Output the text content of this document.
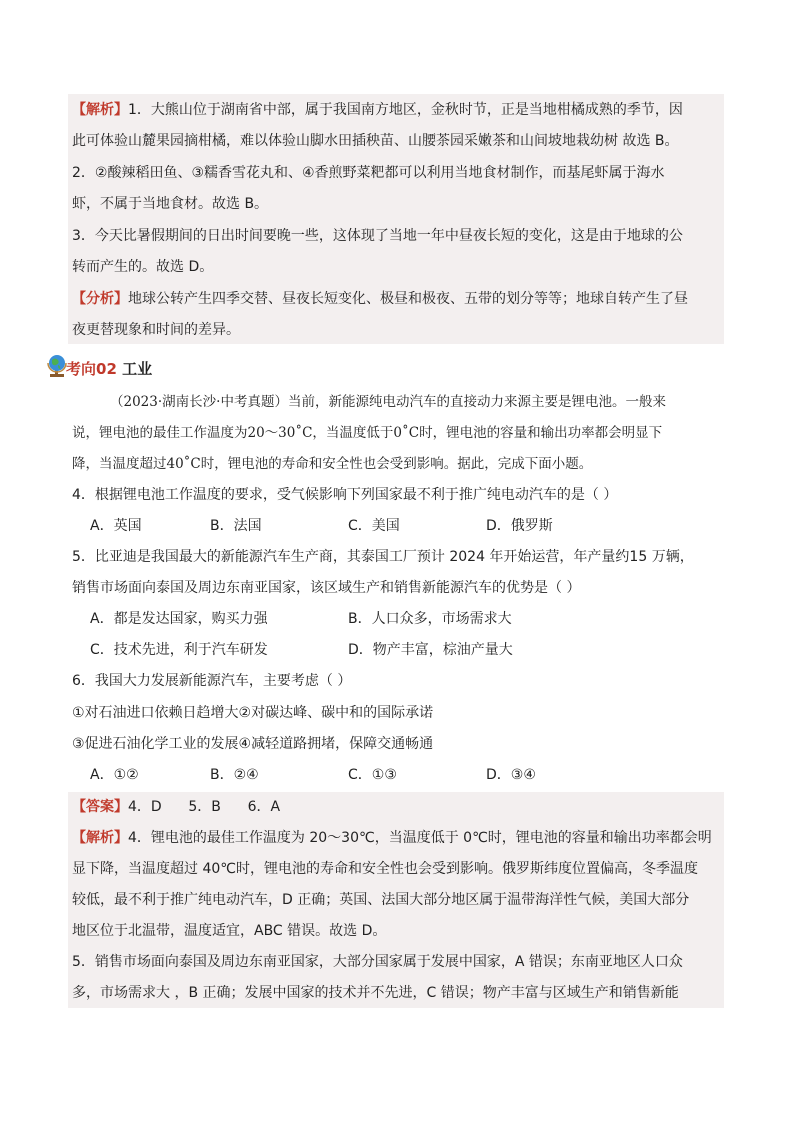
【解析】1．大熊山位于湖南省中部，属于我国南方地区，金秋时节，正是当地柑橘成熟的季节，因
此可体验山麓果园摘柑橘，难以体验山脚水田插秧苗、山腰茶园采嫩茶和山间坡地栽幼树 故选 B。
2．②酸辣稻田鱼、③糯香雪花丸和、④香煎野菜粑都可以利用当地食材制作，而基尾虾属于海水
虾，不属于当地食材。故选 B。
3．今天比暑假期间的日出时间要晚一些，这体现了当地一年中昼夜长短的变化，这是由于地球的公
转而产生的。故选 D。
【分析】地球公转产生四季交替、昼夜长短变化、极昼和极夜、五带的划分等等；地球自转产生了昼
夜更替现象和时间的差异。
考向02 工业
（2023·湖南长沙·中考真题）当前，新能源纯电动汽车的直接动力来源主要是锂电池。一般来
说，锂电池的最佳工作温度为20～30˚C，当温度低于0˚C时，锂电池的容量和输出功率都会明显下
降，当温度超过40˚C时，锂电池的寿命和安全性也会受到影响。据此，完成下面小题。
4．根据锂电池工作温度的要求，受气候影响下列国家最不利于推广纯电动汽车的是（ ）
A．英国	B．法国	C．美国	D．俄罗斯
5．比亚迪是我国最大的新能源汽车生产商，其泰国工厂预计 2024 年开始运营，年产量约15 万辆，
销售市场面向泰国及周边东南亚国家，该区域生产和销售新能源汽车的优势是（ ）
A．都是发达国家，购买力强	B．人口众多，市场需求大
C．技术先进，利于汽车研发	D．物产丰富，棕油产量大
6．我国大力发展新能源汽车，主要考虑（ ）
①对石油进口依赖日趋增大②对碳达峰、碳中和的国际承诺
③促进石油化学工业的发展④减轻道路拥堵，保障交通畅通
A．①②	B．②④	C．①③	D．③④
【答案】4．D      5．B      6．A
【解析】4．锂电池的最佳工作温度为 20～30℃，当温度低于 0℃时，锂电池的容量和输出功率都会明
显下降，当温度超过 40℃时，锂电池的寿命和安全性也会受到影响。俄罗斯纬度位置偏高，冬季温度
较低，最不利于推广纯电动汽车，D 正确；英国、法国大部分地区属于温带海洋性气候，美国大部分
地区位于北温带，温度适宜，ABC 错误。故选 D。
5．销售市场面向泰国及周边东南亚国家，大部分国家属于发展中国家，A 错误；东南亚地区人口众
多，市场需求大 ，B 正确；发展中国家的技术并不先进，C 错误；物产丰富与区域生产和销售新能
